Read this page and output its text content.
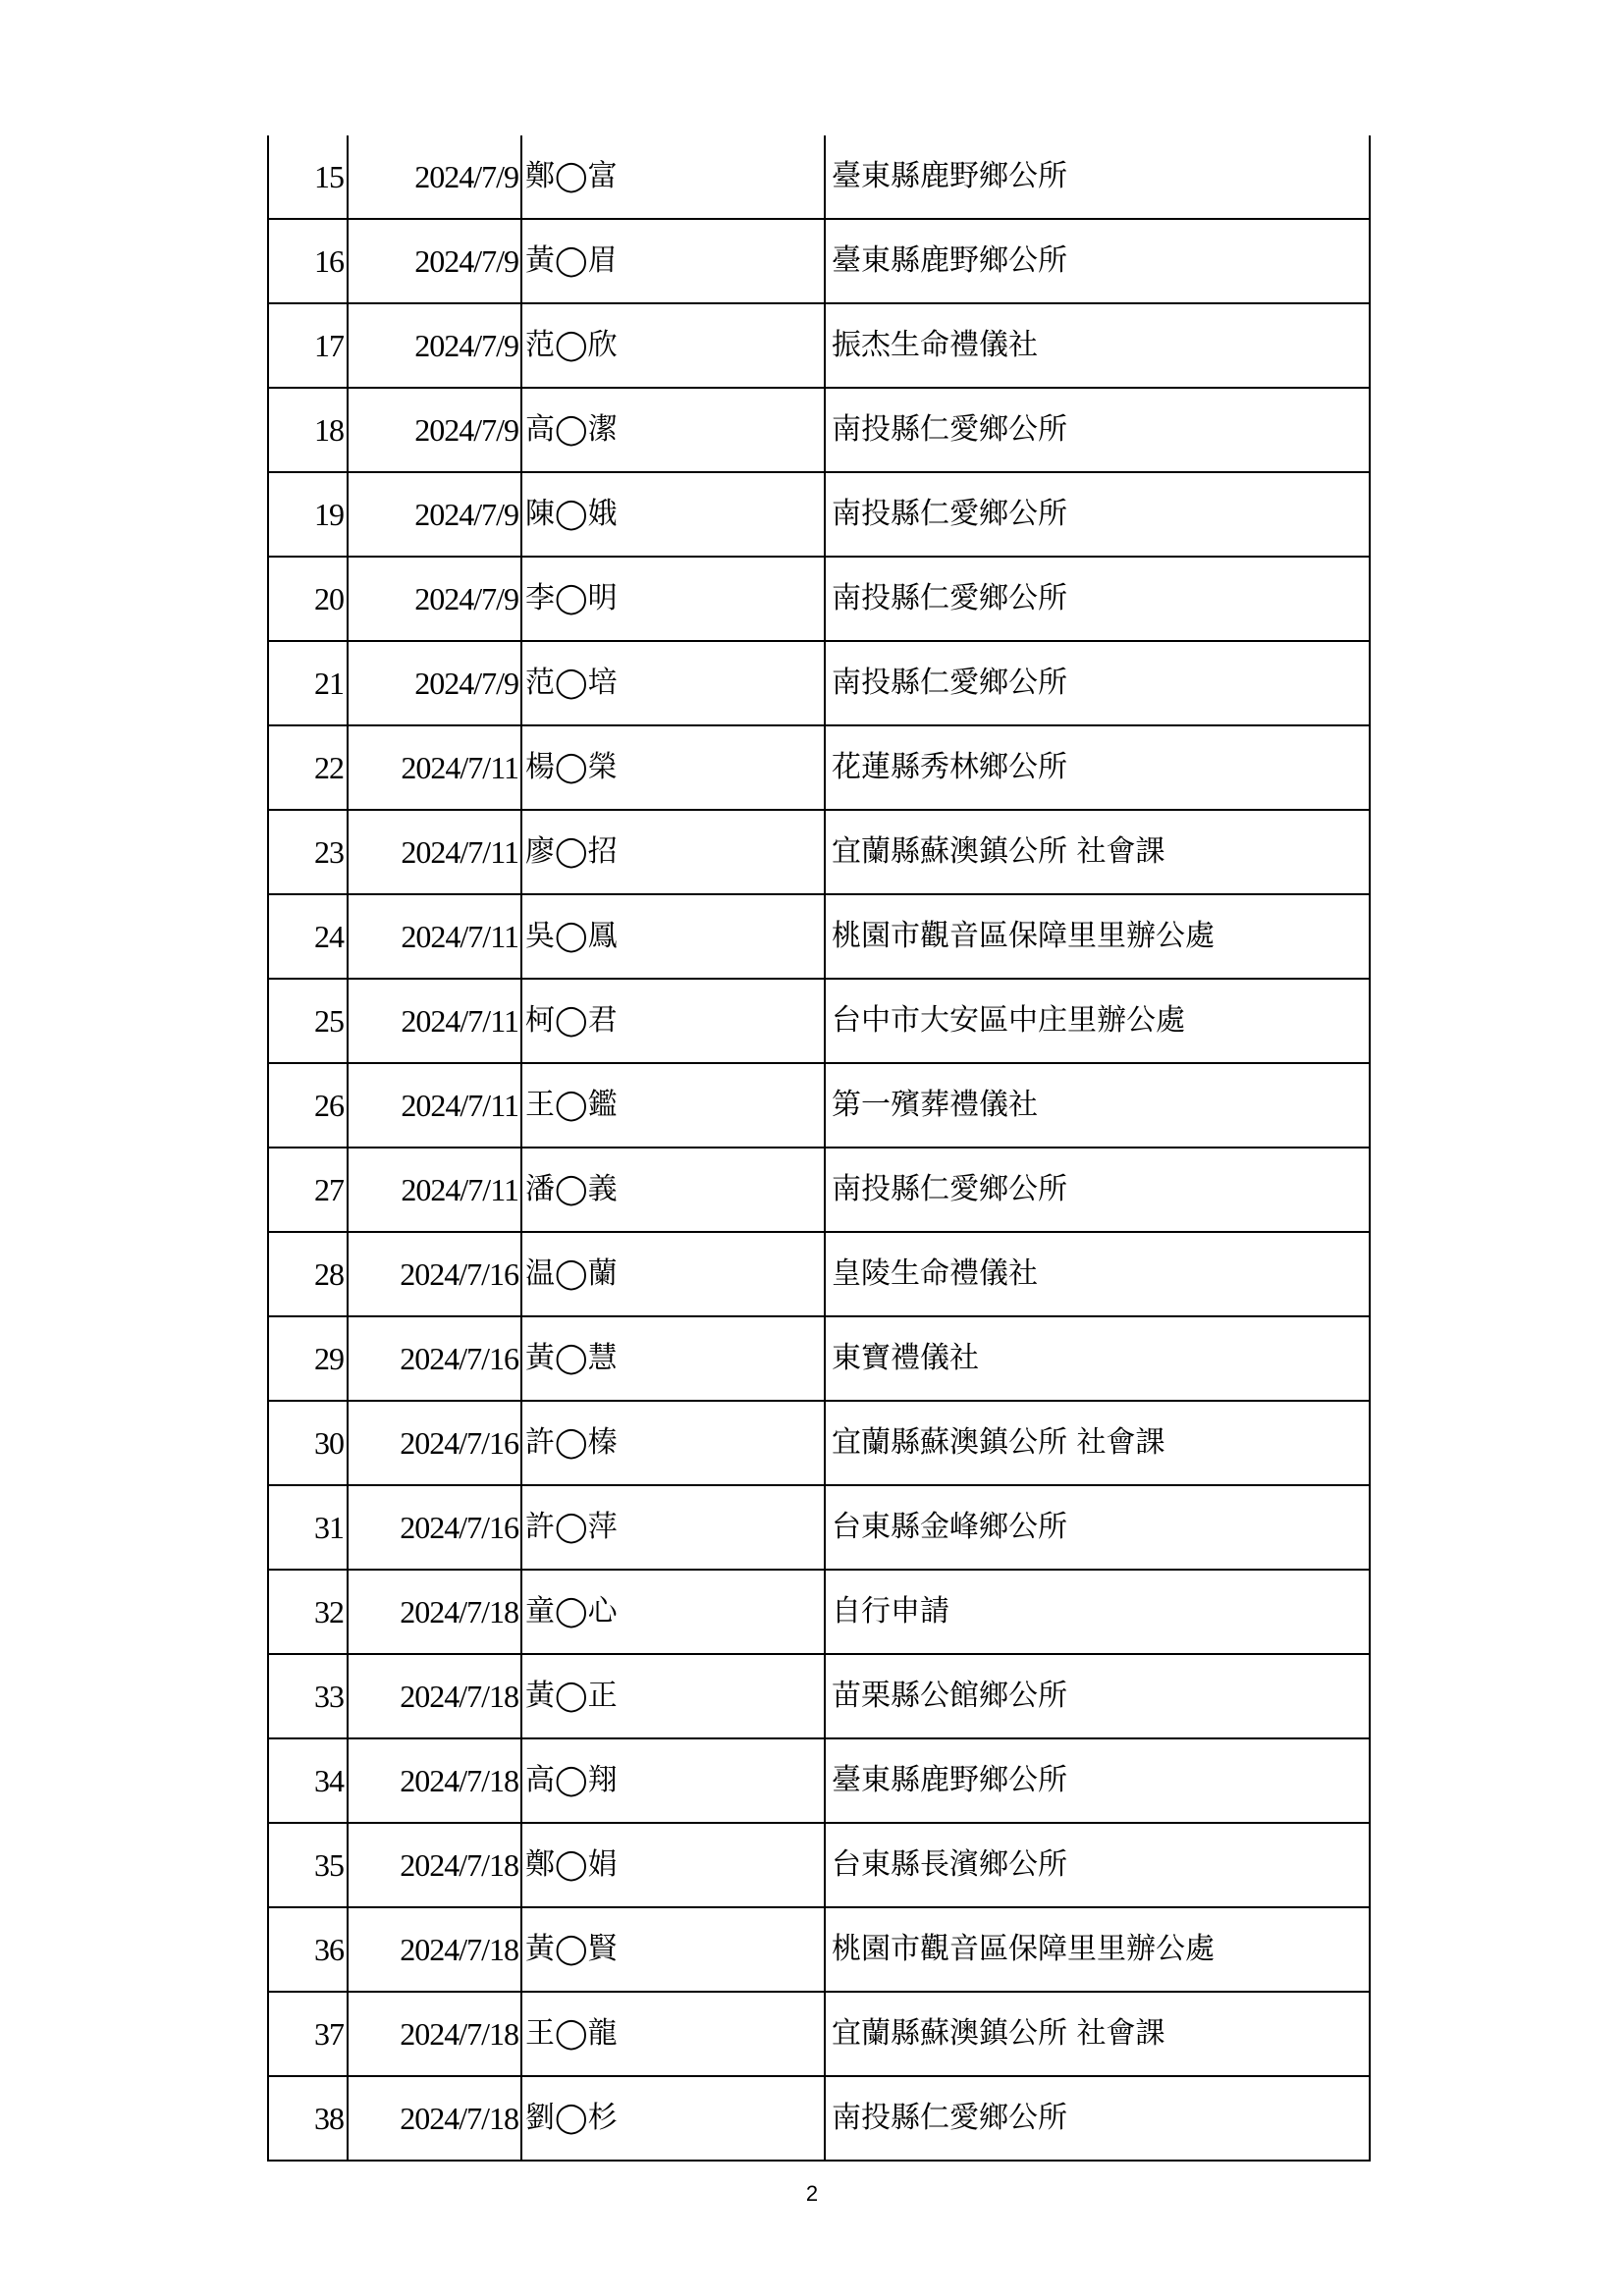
15	2024/7/9	鄭◯富	臺東縣鹿野鄉公所
16	2024/7/9	黃◯眉	臺東縣鹿野鄉公所
17	2024/7/9	范◯欣	振杰生命禮儀社
18	2024/7/9	高◯潔	南投縣仁愛鄉公所
19	2024/7/9	陳◯娥	南投縣仁愛鄉公所
20	2024/7/9	李◯明	南投縣仁愛鄉公所
21	2024/7/9	范◯培	南投縣仁愛鄉公所
22	2024/7/11	楊◯榮	花蓮縣秀林鄉公所
23	2024/7/11	廖◯招	宜蘭縣蘇澳鎮公所 社會課
24	2024/7/11	吳◯鳳	桃園市觀音區保障里里辦公處
25	2024/7/11	柯◯君	台中市大安區中庄里辦公處
26	2024/7/11	王◯鑑	第一殯葬禮儀社
27	2024/7/11	潘◯義	南投縣仁愛鄉公所
28	2024/7/16	温◯蘭	皇陵生命禮儀社
29	2024/7/16	黃◯慧	東寶禮儀社
30	2024/7/16	許◯榛	宜蘭縣蘇澳鎮公所 社會課
31	2024/7/16	許◯萍	台東縣金峰鄉公所
32	2024/7/18	童◯心	自行申請
33	2024/7/18	黃◯正	苗栗縣公館鄉公所
34	2024/7/18	高◯翔	臺東縣鹿野鄉公所
35	2024/7/18	鄭◯娟	台東縣長濱鄉公所
36	2024/7/18	黃◯賢	桃園市觀音區保障里里辦公處
37	2024/7/18	王◯龍	宜蘭縣蘇澳鎮公所 社會課
38	2024/7/18	劉◯杉	南投縣仁愛鄉公所
2
